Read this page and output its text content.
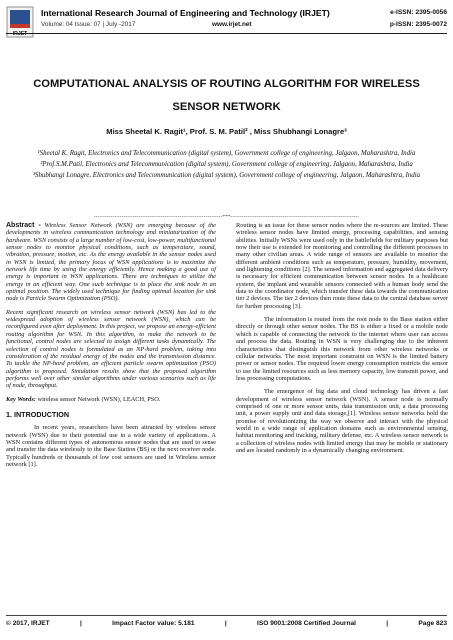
IRJET
International Research Journal of Engineering and Technology (IRJET)
Volume: 04 Issue: 07 | July -2017	www.irjet.net
e-ISSN: 2395-0056
p-ISSN: 2395-0072
COMPUTATIONAL ANALYSIS OF ROUTING ALGORITHM FOR WIRELESS
SENSOR NETWORK
Miss Sheetal K. Ragit¹, Prof. S. M. Patil² , Miss Shubhangi Lonagre³
¹Sheetal K. Ragit, Electronics and Telecommunication (digital system), Government college of engineering, Jalgaon, Maharashtra, India
²Prof.S.M.Patil, Electronics and Telecommunication (digital system), Government college of engineering, Jalgaon, Maharashtra, India
³Shubhangi Lonagre, Electronics and Telecommunication (digital system), Government college of engineering, Jalgaon, Maharashtra, India
---------------------------------------------------------------------***---------------------------------------------------------------------

Abstract - Wireless Sensor Network (WSN) are emerging because of the developments in wireless communication technology and miniaturization of the hardware. WSN consists of a large number of low-cost, low-power, multifunctional sensor nodes to monitor physical conditions, such as temperature, sound, vibration, pressure, motion, etc. As the energy available in the sensor nodes used in WSN is limited, the primary focus of WSN applications is to maximize the network life time by using the energy efficiently. Hence making a good use of energy is important in WSN applications. There are techniques to utilize the energy in an efficient way. One such technique is to place the sink node in an optimal position. The widely used technique for finding optimal location for sink node is Particle Swarm Optimization (PSO).

Recent significant research on wireless sensor network (WSN) has led to the widespread adoption of wireless sensor network (WSN), which can be reconfigured even after deployment. In this project, we propose an energy-efficient routing algorithm for WSN. In this algorithm, to make the network to be functional, control nodes are selected to assign different tasks dynamically. The selection of control nodes is formulated as an NP-hard problem, taking into consideration of the residual energy of the nodes and the transmission distance. To tackle the NP-hard problem, an efficient particle swarm optimization (PSO) algorithm is proposed. Simulation results show that the proposed algorithm performs well over other similar algorithms under various scenarios such as life of node, throughput.

Key Words: wireless sensor Network (WSN), LEACH, PSO.

1. INTRODUCTION

In recent years, researchers have been attracted by wireless sensor network (WSN) due to their potential use in a wide variety of applications. A WSN contains different types of autonomous sensor nodes that are used to sense and transfer the data wirelessly to the Base Station (BS) or the next receiver node. Typically hundreds or thousands of low cost sensors are used in Wireless sensor network [1].

Routing is an issue for these sensor nodes where the re-sources are limited. These wireless sensor nodes have limited energy, processing capabilities, and sensing abilities. Initially WSNs were used only in the battlefields for military purposes but now their use is extended for monitoring and controlling the different processes in many other civilian areas. A wide range of sensors are available to monitor the different ambient conditions such as temperature, pressure, humidity, movement, and lightening conditions [2]. The sensed information and aggregated data delivery is necessary for efficient communication between sensor nodes. In a healthcare system, the implant and wearable sensors connected with a human body send the data to the coordinator node, which transfer these data towards the communication tier 2 devices. The tier 2 devices then route these data to the central database server for further processing [3].

The information is routed from the root node to the Base station either directly or through other sensor nodes. The BS is either a fixed or a mobile node which is capable of connecting the network to the internet where user can access and process the data. Routing in WSN is very challenging due to the inherent characteristics that distinguish this network from other wireless networks or cellular networks. The most important constraint on WSN is the limited battery power or sensor nodes. The required lower energy consumption restricts the sensor to use the limited resources such as less memory capacity, low transmit power, and less processing computations.

The emergence of big data and cloud technology has driven a fast development of wireless sensor network (WSN). A sensor node is normally comprised of one or more sensor units, data transmission unit, a data processing unit, a power supply unit and data storage,[1]. Wireless sensor networks hold the promise of revolutionizing the way we observe and interact with the physical world in a wide range of application domains such as environmental sensing, habitat monitoring and tracking, military defense, etc. A wireless sensor network is a collection of wireless nodes with limited energy that may be mobile or stationary and are located randomly in a dynamically changing environment.

© 2017, IRJET	|	Impact Factor value: 5.181	|	ISO 9001:2008 Certified Journal	|	Page 823
